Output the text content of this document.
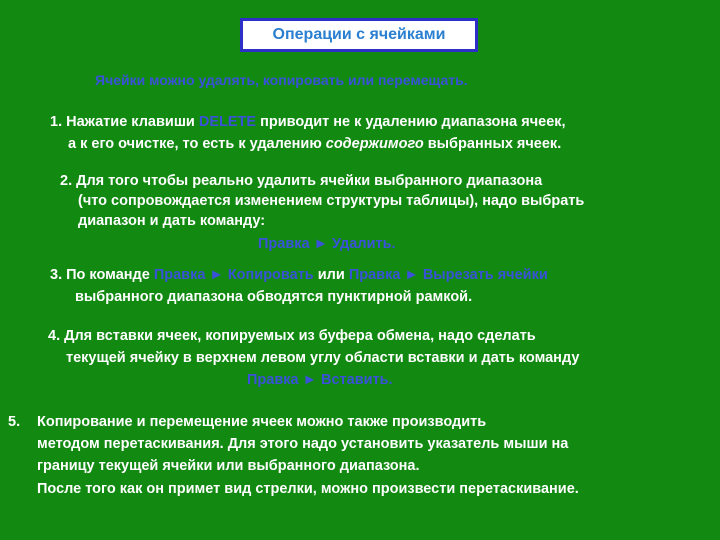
Операции с ячейками
Ячейки можно удалять, копировать или перемещать.
1. Нажатие клавиши DELETE приводит не к удалению диапазона ячеек,
а к его очистке, то есть к удалению содержимого выбранных ячеек.
2. Для того чтобы реально удалить ячейки выбранного диапазона
(что сопровождается изменением структуры таблицы), надо выбрать
диапазон и дать команду:
Правка ► Удалить.
3. По команде Правка ► Копировать или Правка ► Вырезать ячейки
выбранного диапазона обводятся пунктирной рамкой.
4. Для вставки ячеек, копируемых из буфера обмена, надо сделать
текущей ячейку в верхнем левом углу области вставки и дать команду
Правка ► Вставить.
5. Копирование и перемещение ячеек можно также производить
методом перетаскивания. Для этого надо установить указатель мыши на
границу текущей ячейки или выбранного диапазона.
После того как он примет вид стрелки, можно произвести перетаскивание.
